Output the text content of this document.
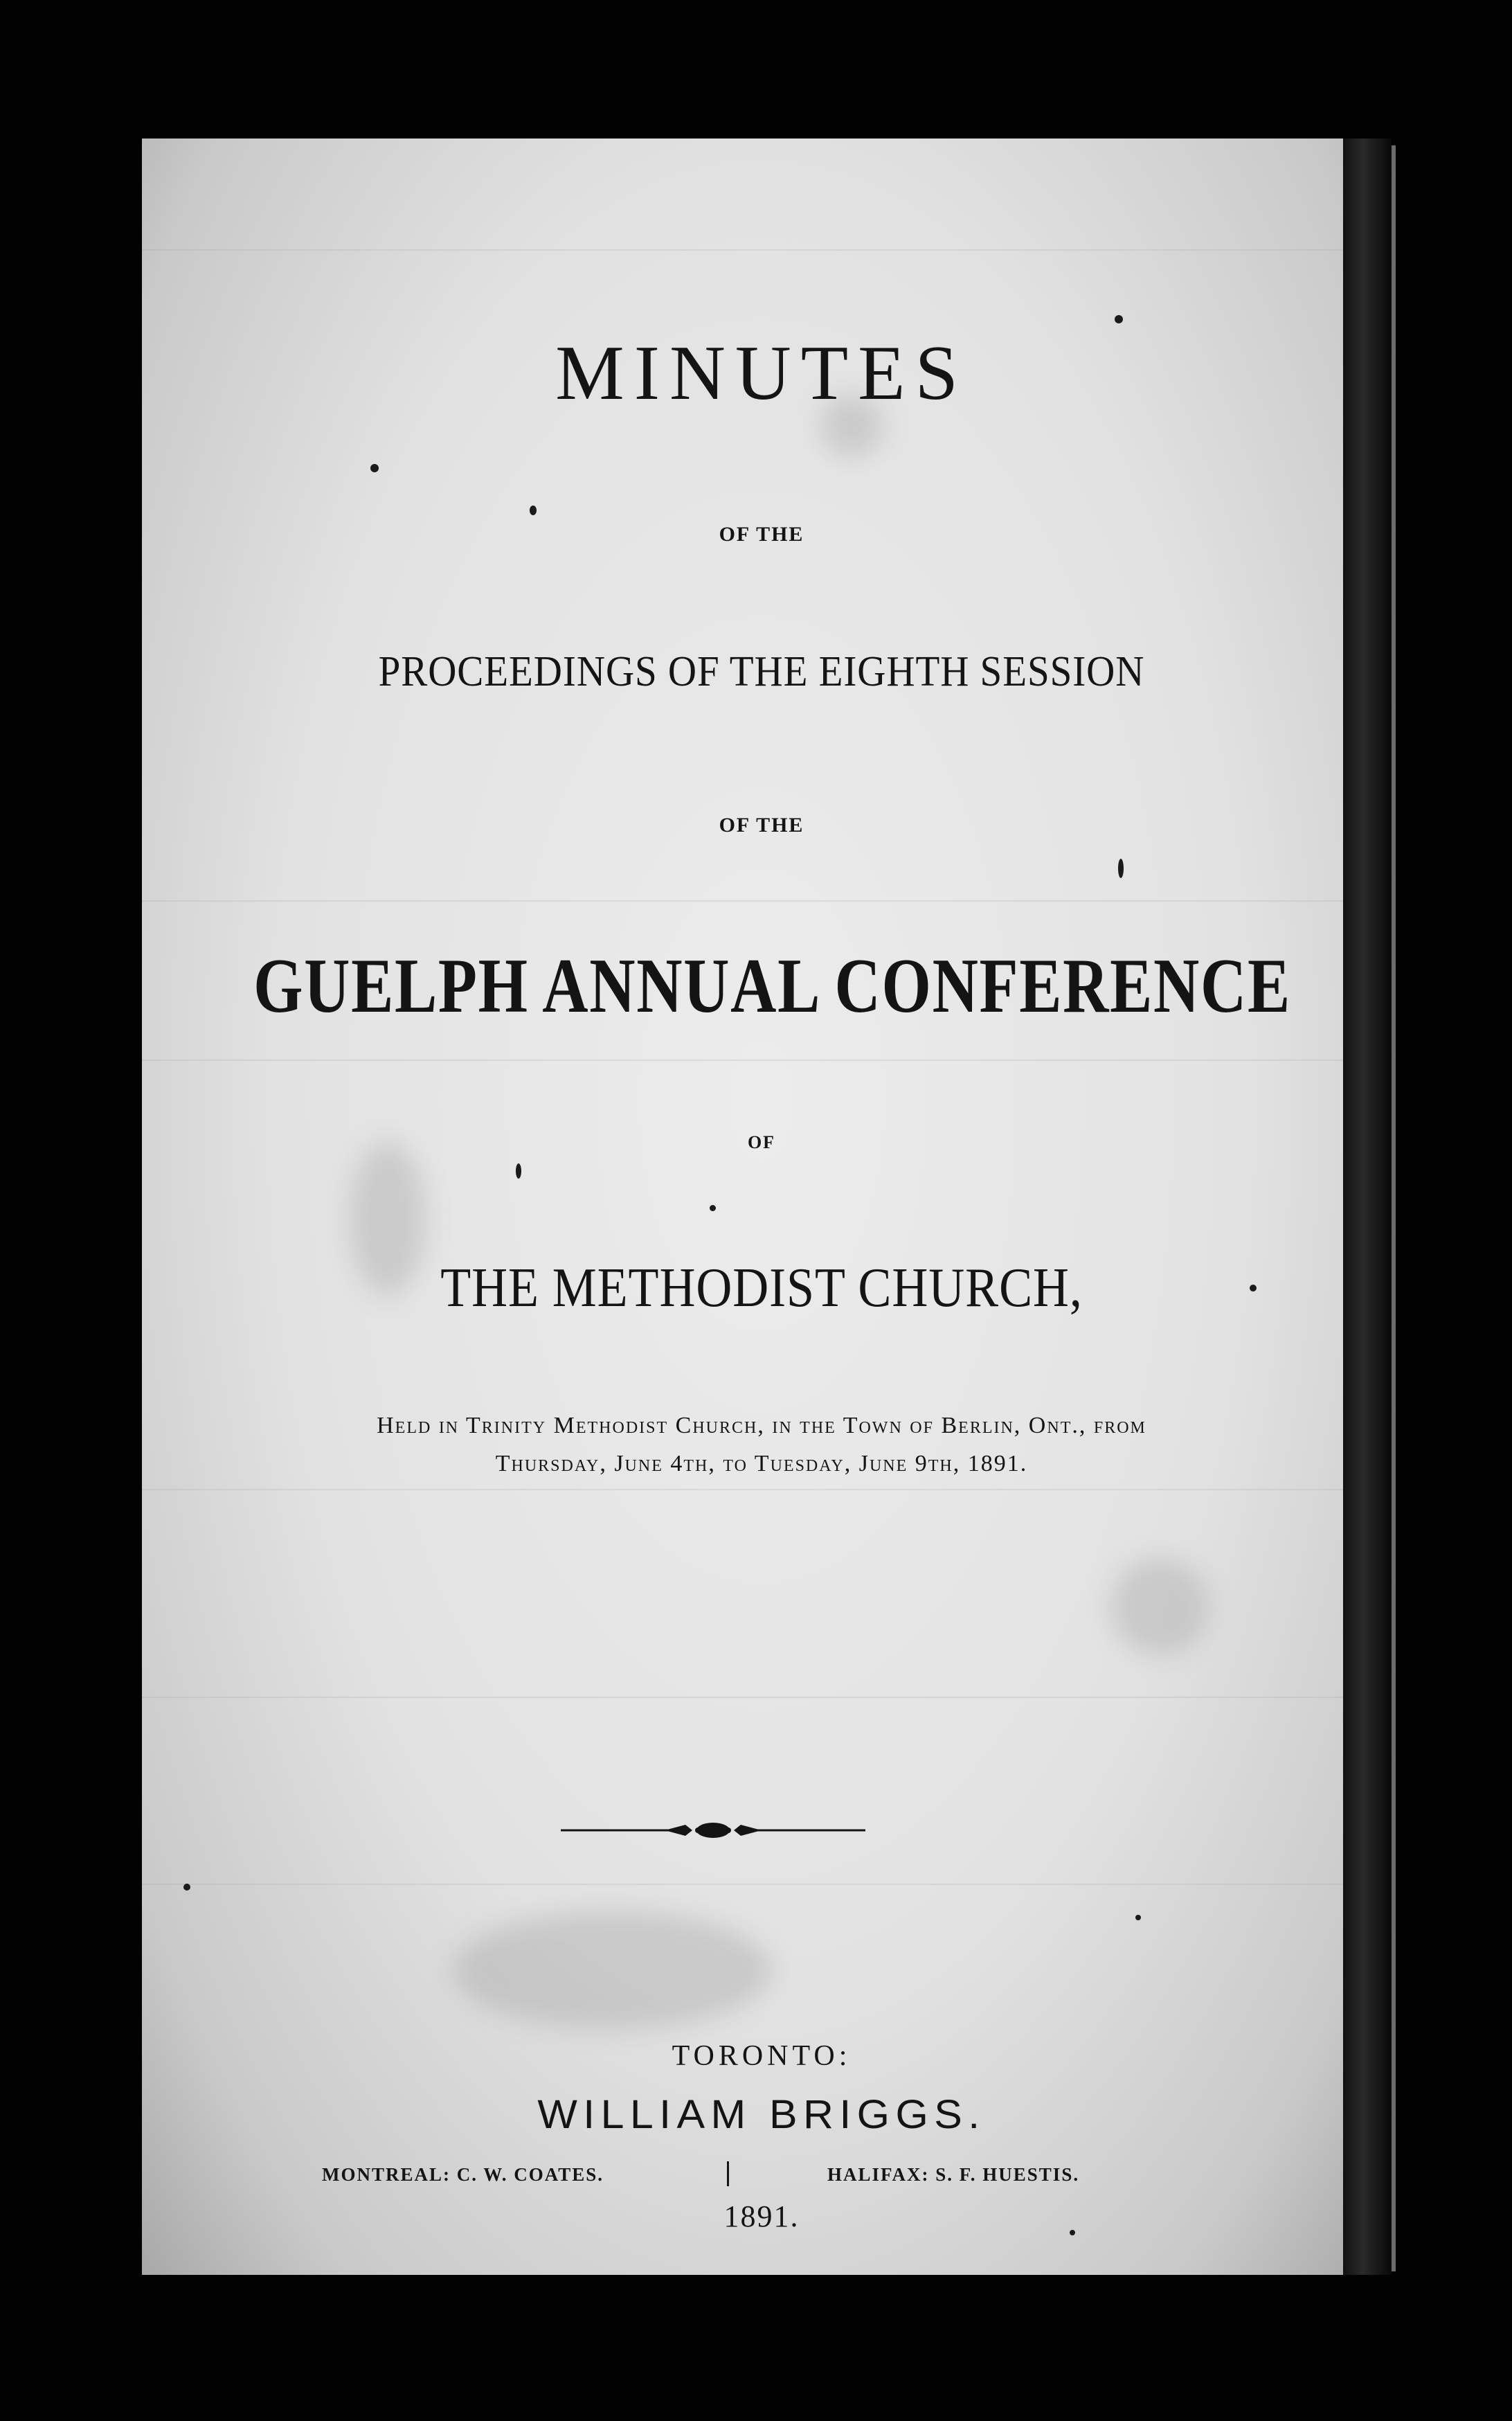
MINUTES
OF THE
PROCEEDINGS OF THE EIGHTH SESSION
OF THE
GUELPH ANNUAL CONFERENCE
OF
THE METHODIST CHURCH,
Held in Trinity Methodist Church, in the Town of Berlin, Ont., from
Thursday, June 4th, to Tuesday, June 9th, 1891.
TORONTO:
WILLIAM BRIGGS.
MONTREAL: C. W. COATES.	HALIFAX: S. F. HUESTIS.
1891.
